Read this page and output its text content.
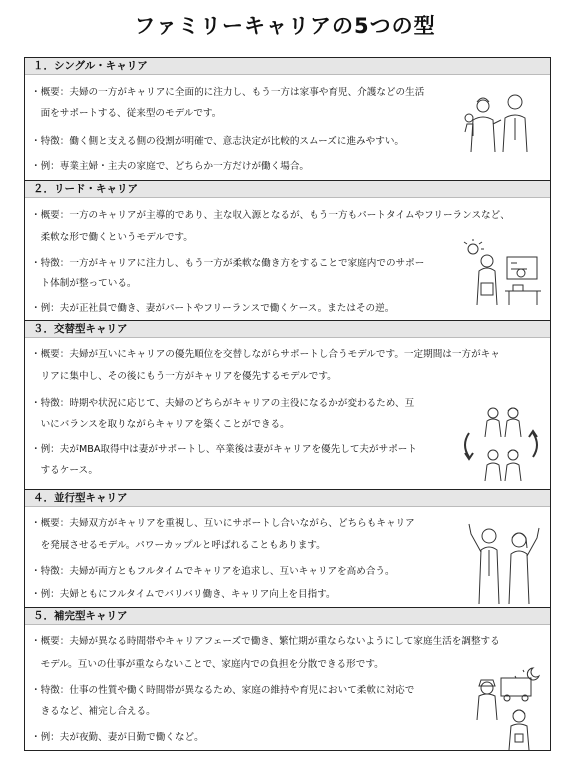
ファミリーキャリアの5つの型
１．シングル・キャリア
・概要：夫婦の一方がキャリアに全面的に注力し、もう一方は家事や育児、介護などの生活
　面をサポートする、従来型のモデルです。
・特徴：働く側と支える側の役割が明確で、意志決定が比較的スムーズに進みやすい。
・例：専業主婦・主夫の家庭で、どちらか一方だけが働く場合。
２．リード・キャリア
・概要：一方のキャリアが主導的であり、主な収入源となるが、もう一方もパートタイムやフリーランスなど、
　柔軟な形で働くというモデルです。
・特徴：一方がキャリアに注力し、もう一方が柔軟な働き方をすることで家庭内でのサポー
　ト体制が整っている。
・例：夫が正社員で働き、妻がパートやフリーランスで働くケース。またはその逆。
３．交替型キャリア
・概要：夫婦が互いにキャリアの優先順位を交替しながらサポートし合うモデルです。一定期間は一方がキャ
　リアに集中し、その後にもう一方がキャリアを優先するモデルです。
・特徴：時期や状況に応じて、夫婦のどちらがキャリアの主役になるかが変わるため、互
　いにバランスを取りながらキャリアを築くことができる。
・例：夫がMBA取得中は妻がサポートし、卒業後は妻がキャリアを優先して夫がサポート
　するケース。
４．並行型キャリア
・概要：夫婦双方がキャリアを重視し、互いにサポートし合いながら、どちらもキャリア
　を発展させるモデル。パワーカップルと呼ばれることもあります。
・特徴：夫婦が両方ともフルタイムでキャリアを追求し、互いキャリアを高め合う。
・例：夫婦ともにフルタイムでバリバリ働き、キャリア向上を目指す。
５．補完型キャリア
・概要：夫婦が異なる時間帯やキャリアフェーズで働き、繁忙期が重ならないようにして家庭生活を調整する
　モデル。互いの仕事が重ならないことで、家庭内での負担を分散できる形です。
・特徴：仕事の性質や働く時間帯が異なるため、家庭の維持や育児において柔軟に対応で
　きるなど、補完し合える。
・例：夫が夜勤、妻が日勤で働くなど。
